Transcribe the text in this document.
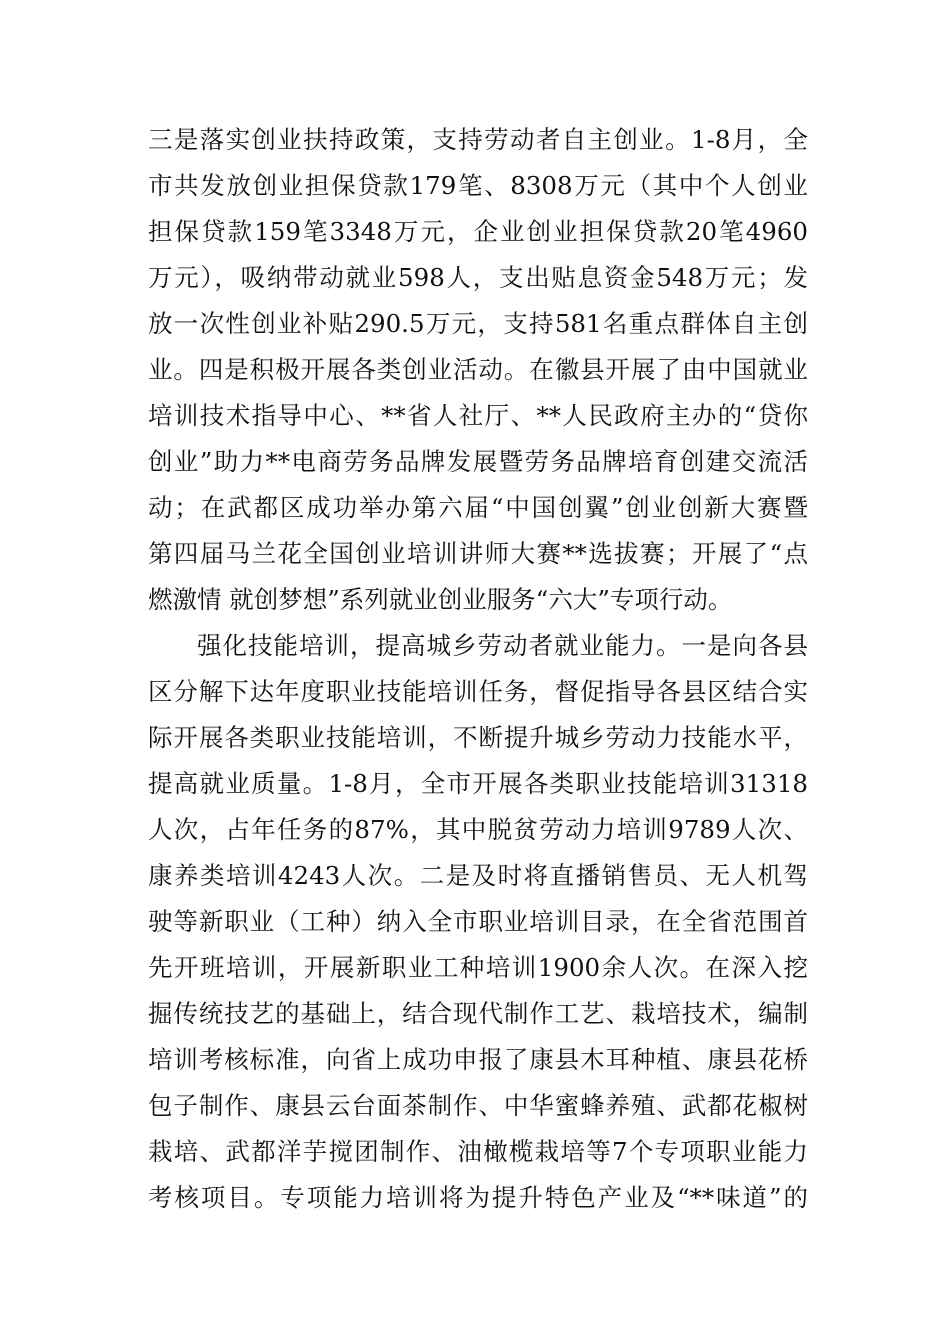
三是落实创业扶持政策，支持劳动者自主创业。1-8月，全
市共发放创业担保贷款179笔、8308万元（其中个人创业
担保贷款159笔3348万元，企业创业担保贷款20笔4960
万元），吸纳带动就业598人，支出贴息资金548万元；发
放一次性创业补贴290.5万元，支持581名重点群体自主创
业。四是积极开展各类创业活动。在徽县开展了由中国就业
培训技术指导中心、**省人社厅、**人民政府主办的“贷你
创业”助力**电商劳务品牌发展暨劳务品牌培育创建交流活
动；在武都区成功举办第六届“中国创翼”创业创新大赛暨
第四届马兰花全国创业培训讲师大赛**选拔赛；开展了“点
燃激情 就创梦想”系列就业创业服务“六大”专项行动。
强化技能培训，提高城乡劳动者就业能力。一是向各县
区分解下达年度职业技能培训任务，督促指导各县区结合实
际开展各类职业技能培训，不断提升城乡劳动力技能水平，
提高就业质量。1-8月，全市开展各类职业技能培训31318
人次，占年任务的87%，其中脱贫劳动力培训9789人次、
康养类培训4243人次。二是及时将直播销售员、无人机驾
驶等新职业（工种）纳入全市职业培训目录，在全省范围首
先开班培训，开展新职业工种培训1900余人次。在深入挖
掘传统技艺的基础上，结合现代制作工艺、栽培技术，编制
培训考核标准，向省上成功申报了康县木耳种植、康县花桥
包子制作、康县云台面茶制作、中华蜜蜂养殖、武都花椒树
栽培、武都洋芋搅团制作、油橄榄栽培等7个专项职业能力
考核项目。专项能力培训将为提升特色产业及“**味道”的
